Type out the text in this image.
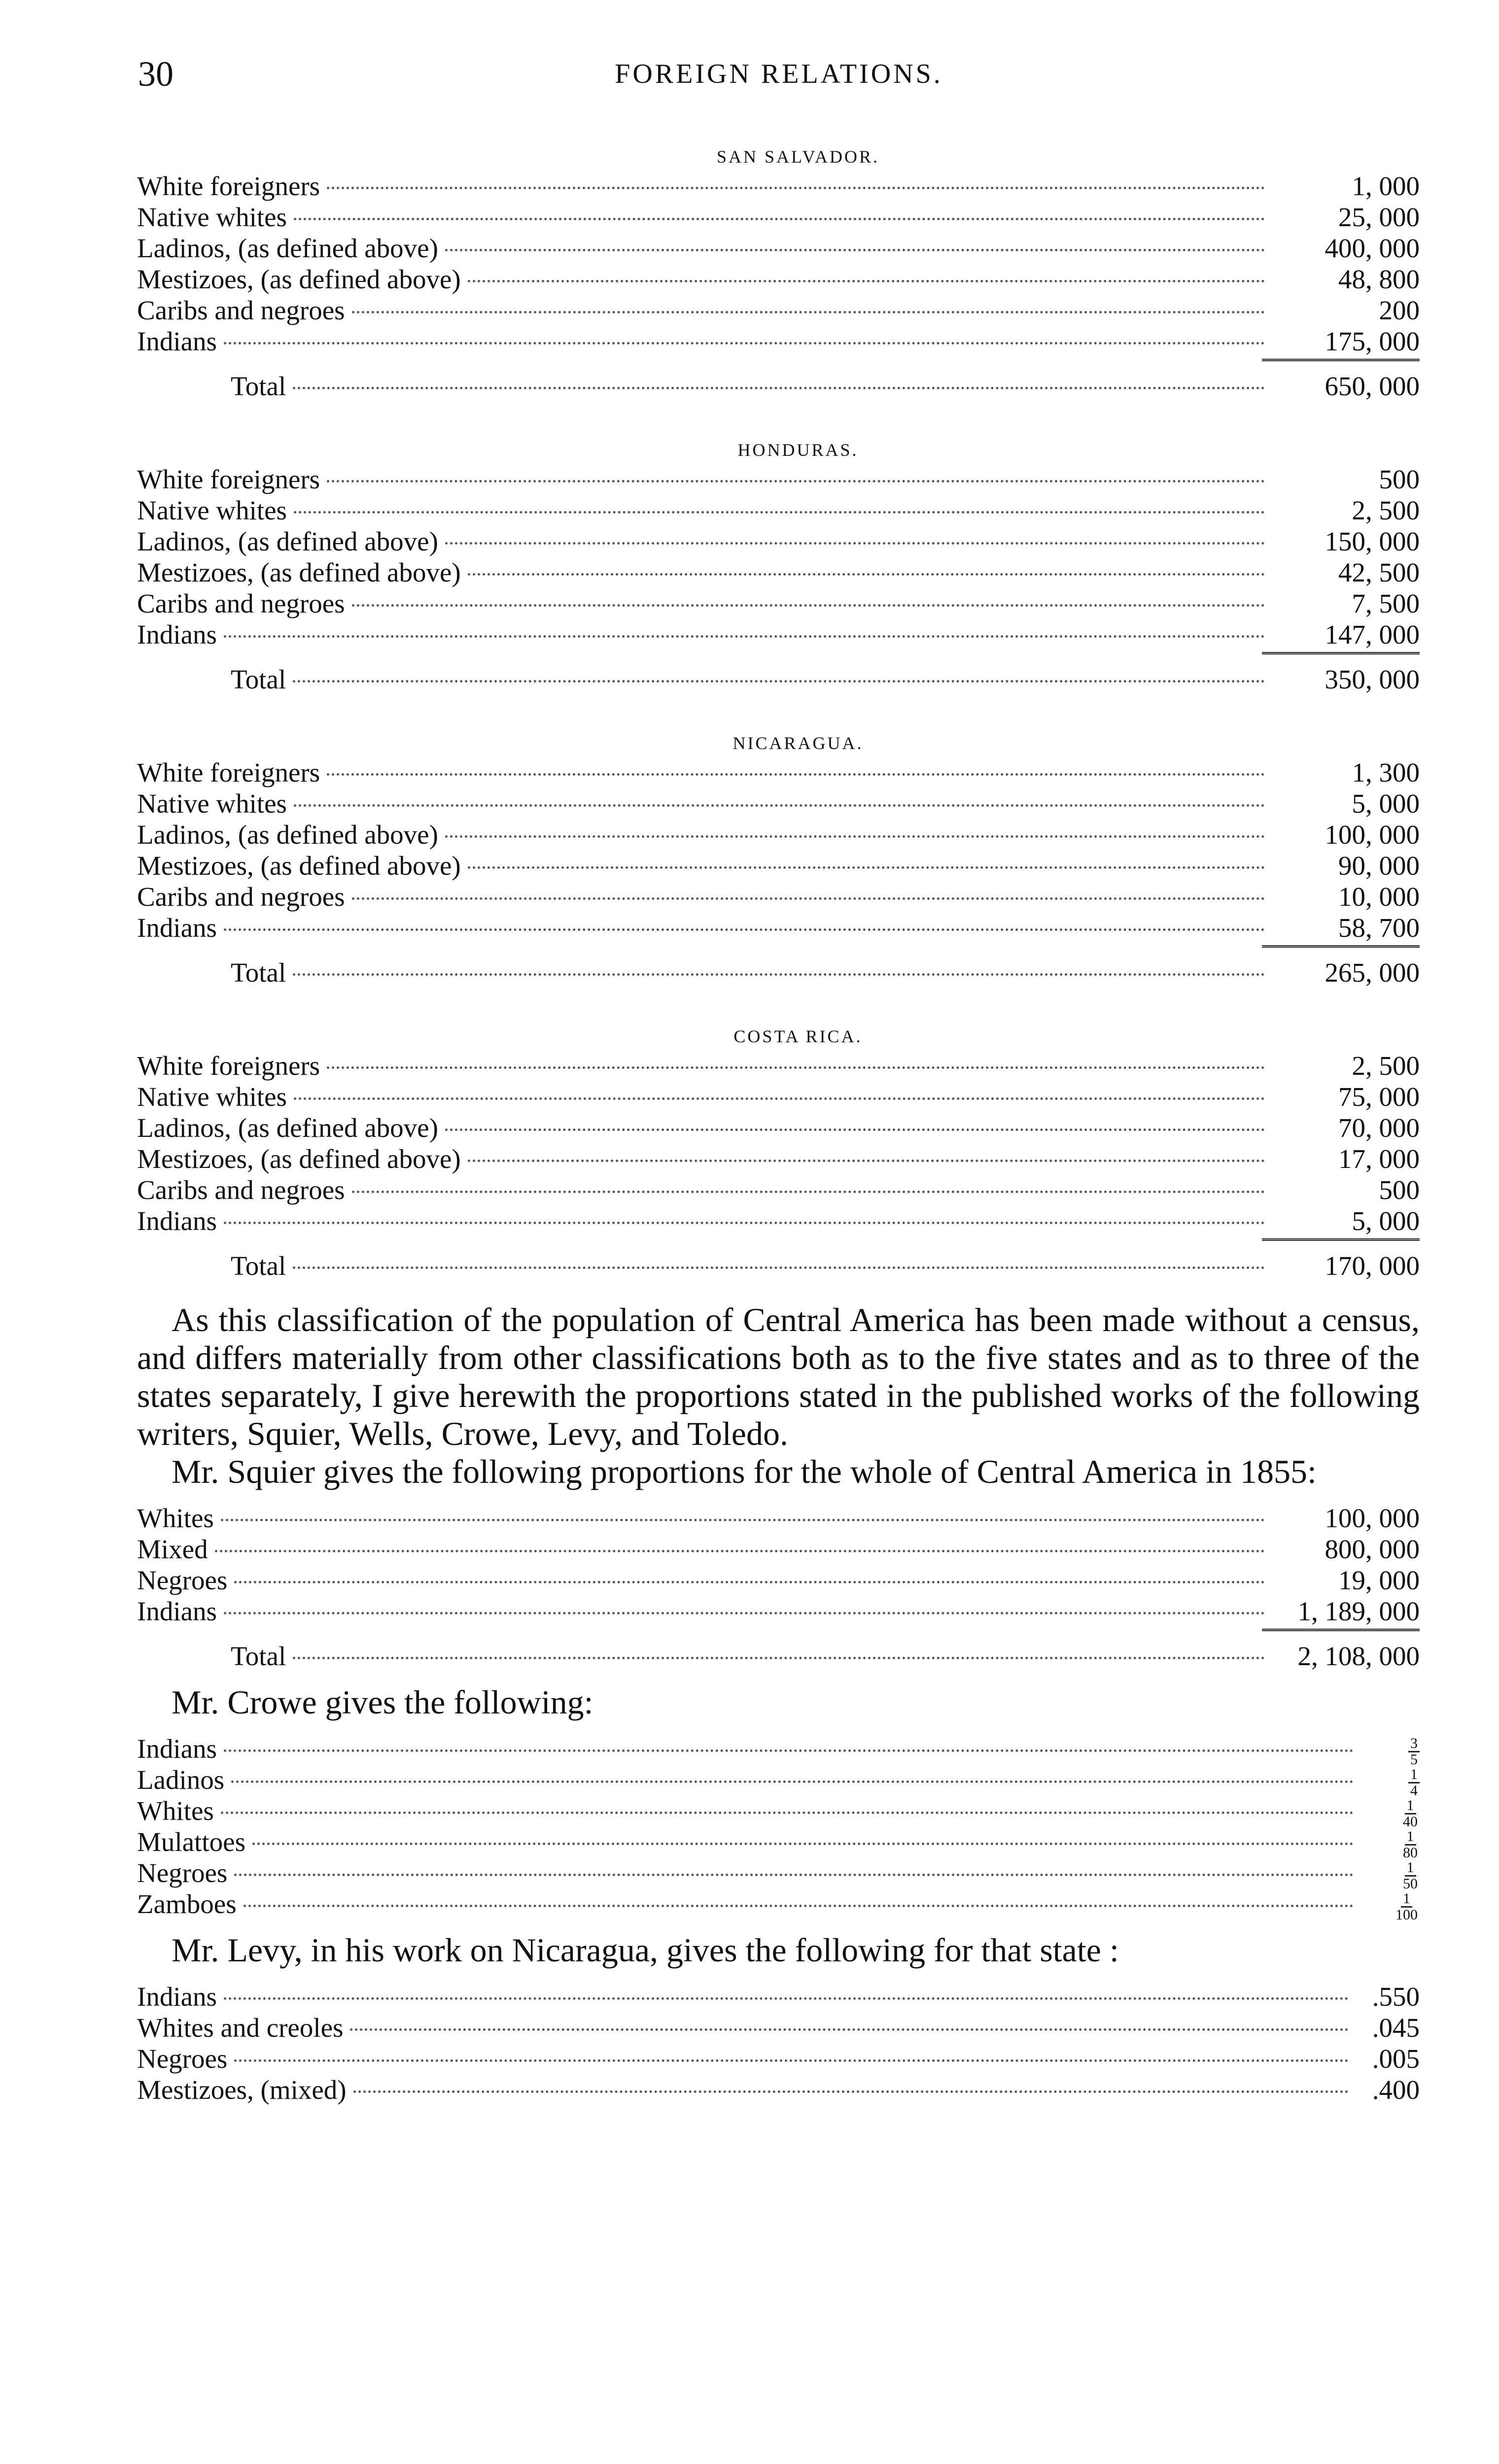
30	FOREIGN RELATIONS.
SAN SALVADOR.
White foreigners	1, 000
Native whites	25, 000
Ladinos, (as defined above)	400, 000
Mestizoes, (as defined above)	48, 800
Caribs and negroes	200
Indians	175, 000
Total	650, 000
HONDURAS.
White foreigners	500
Native whites	2, 500
Ladinos, (as defined above)	150, 000
Mestizoes, (as defined above)	42, 500
Caribs and negroes	7, 500
Indians	147, 000
Total	350, 000
NICARAGUA.
White foreigners	1, 300
Native whites	5, 000
Ladinos, (as defined above)	100, 000
Mestizoes, (as defined above)	90, 000
Caribs and negroes	10, 000
Indians	58, 700
Total	265, 000
COSTA RICA.
White foreigners	2, 500
Native whites	75, 000
Ladinos, (as defined above)	70, 000
Mestizoes, (as defined above)	17, 000
Caribs and negroes	500
Indians	5, 000
Total	170, 000

As this classification of the population of Central America has been made without a census, and differs materially from other classifications both as to the five states and as to three of the states separately, I give herewith the proportions stated in the published works of the following writers, Squier, Wells, Crowe, Levy, and Toledo.

Mr. Squier gives the following proportions for the whole of Central America in 1855:

Whites	100, 000
Mixed	800, 000
Negroes	19, 000
Indians	1, 189, 000
Total	2, 108, 000

Mr. Crowe gives the following:

Indians	$\frac{3}{5}$
Ladinos	$\frac{1}{4}$
Whites	$\frac{1}{40}$
Mulattoes	$\frac{1}{80}$
Negroes	$\frac{1}{50}$
Zamboes	$\frac{1}{100}$

Mr. Levy, in his work on Nicaragua, gives the following for that state :

Indians	.550
Whites and creoles	.045
Negroes	.005
Mestizoes, (mixed)	.400
